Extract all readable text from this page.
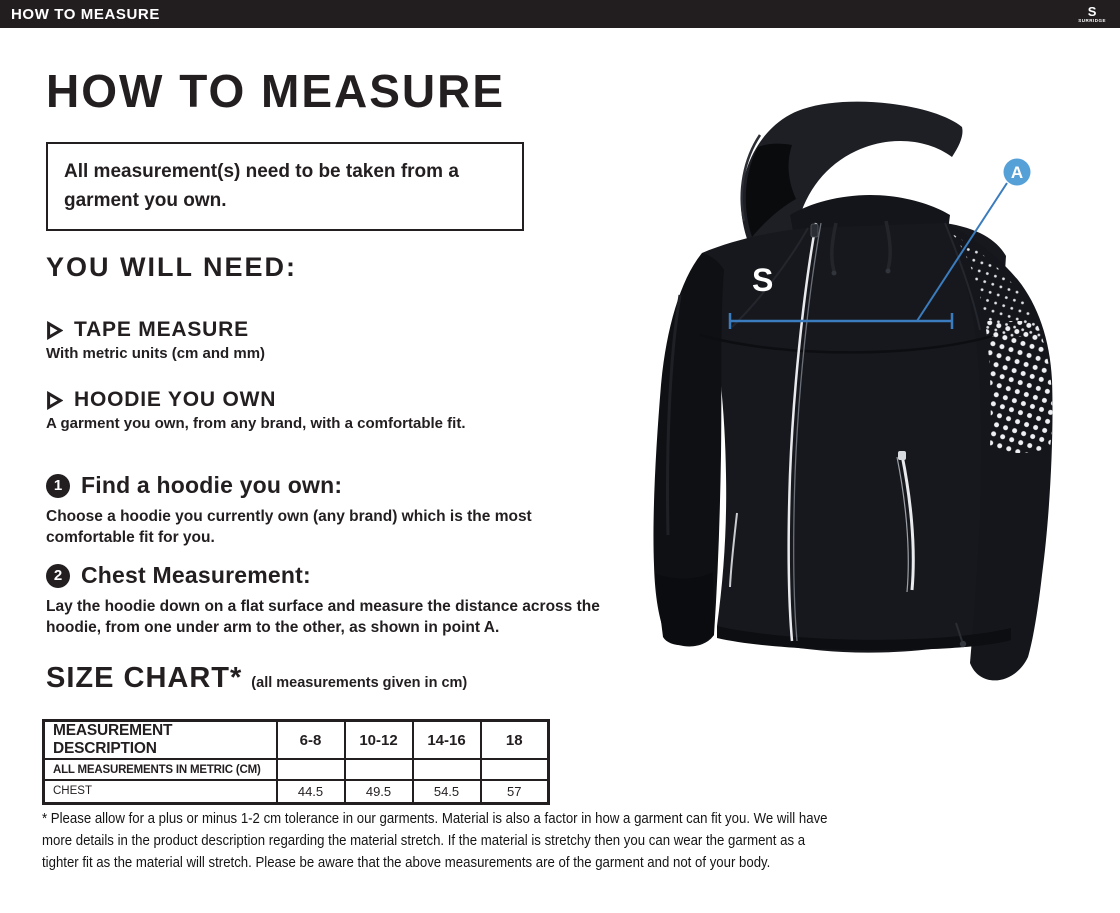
HOW TO MEASURE	S
SURRIDGE
HOW TO MEASURE

All measurement(s) need to be taken from a garment you own.

YOU WILL NEED:
TAPE MEASURE
With metric units (cm and mm)
HOODIE YOU OWN
A garment you own, from any brand, with a comfortable fit.
1 Find a hoodie you own:
Choose a hoodie you currently own (any brand) which is the most comfortable fit for you.
2 Chest Measurement:
Lay the hoodie down on a flat surface and measure the distance across the hoodie, from one under arm to the other, as shown in point A.
SIZE CHART* (all measurements given in cm)
MEASUREMENT DESCRIPTION	6-8	10-12	14-16	18
ALL MEASUREMENTS IN METRIC (CM)				
CHEST	44.5	49.5	54.5	57
* Please allow for a plus or minus 1-2 cm tolerance in our garments. Material is also a factor in how a garment can fit you. We will have
more details in the product description regarding the material stretch. If the material is stretchy then you can wear the garment as a
tighter fit as the material will stretch. Please be aware that the above measurements are of the garment and not of your body.
S
A
